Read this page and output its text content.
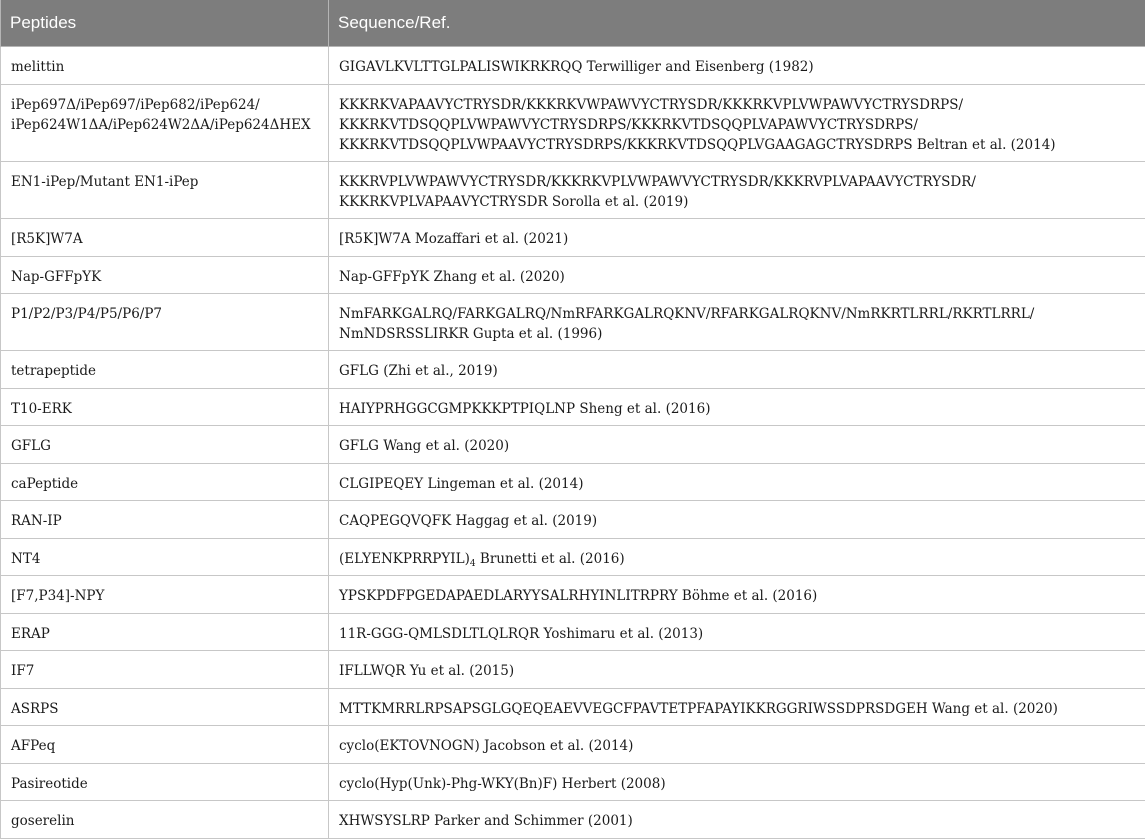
Peptides	Sequence/Ref.
melittin	GIGAVLKVLTTGLPALISWIKRKRQQ Terwilliger and Eisenberg (1982)
iPep697Δ/iPep697/iPep682/iPep624/
iPep624W1ΔA/iPep624W2ΔA/iPep624ΔHEX	KKKRKVAPAAVYCTRYSDR/KKKRKVWPAWVYCTRYSDR/KKKRKVPLVWPAWVYCTRYSDRPS/
KKKRKVTDSQQPLVWPAWVYCTRYSDRPS/KKKRKVTDSQQPLVAPAWVYCTRYSDRPS/
KKKRKVTDSQQPLVWPAAVYCTRYSDRPS/KKKRKVTDSQQPLVGAAGAGCTRYSDRPS Beltran et al. (2014)
EN1-iPep/Mutant EN1-iPep	KKKRVPLVWPAWVYCTRYSDR/KKKRKVPLVWPAWVYCTRYSDR/KKKRVPLVAPAAVYCTRYSDR/
KKKRKVPLVAPAAVYCTRYSDR Sorolla et al. (2019)
[R5K]W7A	[R5K]W7A Mozaffari et al. (2021)
Nap-GFFpYK	Nap-GFFpYK Zhang et al. (2020)
P1/P2/P3/P4/P5/P6/P7	NmFARKGALRQ/FARKGALRQ/NmRFARKGALRQKNV/RFARKGALRQKNV/NmRKRTLRRL/RKRTLRRL/
NmNDSRSSLIRKR Gupta et al. (1996)
tetrapeptide	GFLG (Zhi et al., 2019)
T10-ERK	HAIYPRHGGCGMPKKKPTPIQLNP Sheng et al. (2016)
GFLG	GFLG Wang et al. (2020)
caPeptide	CLGIPEQEY Lingeman et al. (2014)
RAN-IP	CAQPEGQVQFK Haggag et al. (2019)
NT4	$(ELYENKPRRPYIL)_4$ Brunetti et al. (2016)
[F7,P34]-NPY	YPSKPDFPGEDAPAEDLARYYSALRHYINLITRPRY Böhme et al. (2016)
ERAP	11R-GGG-QMLSDLTLQLRQR Yoshimaru et al. (2013)
IF7	IFLLWQR Yu et al. (2015)
ASRPS	MTTKMRRLRPSAPSGLGQEQEAEVVEGCFPAVTETPFAPAYIKKRGGRIWSSDPRSDGEH Wang et al. (2020)
AFPeq	cyclo(EKTOVNOGN) Jacobson et al. (2014)
Pasireotide	cyclo(Hyp(Unk)-Phg-WKY(Bn)F) Herbert (2008)
goserelin	XHWSYSLRP Parker and Schimmer (2001)
